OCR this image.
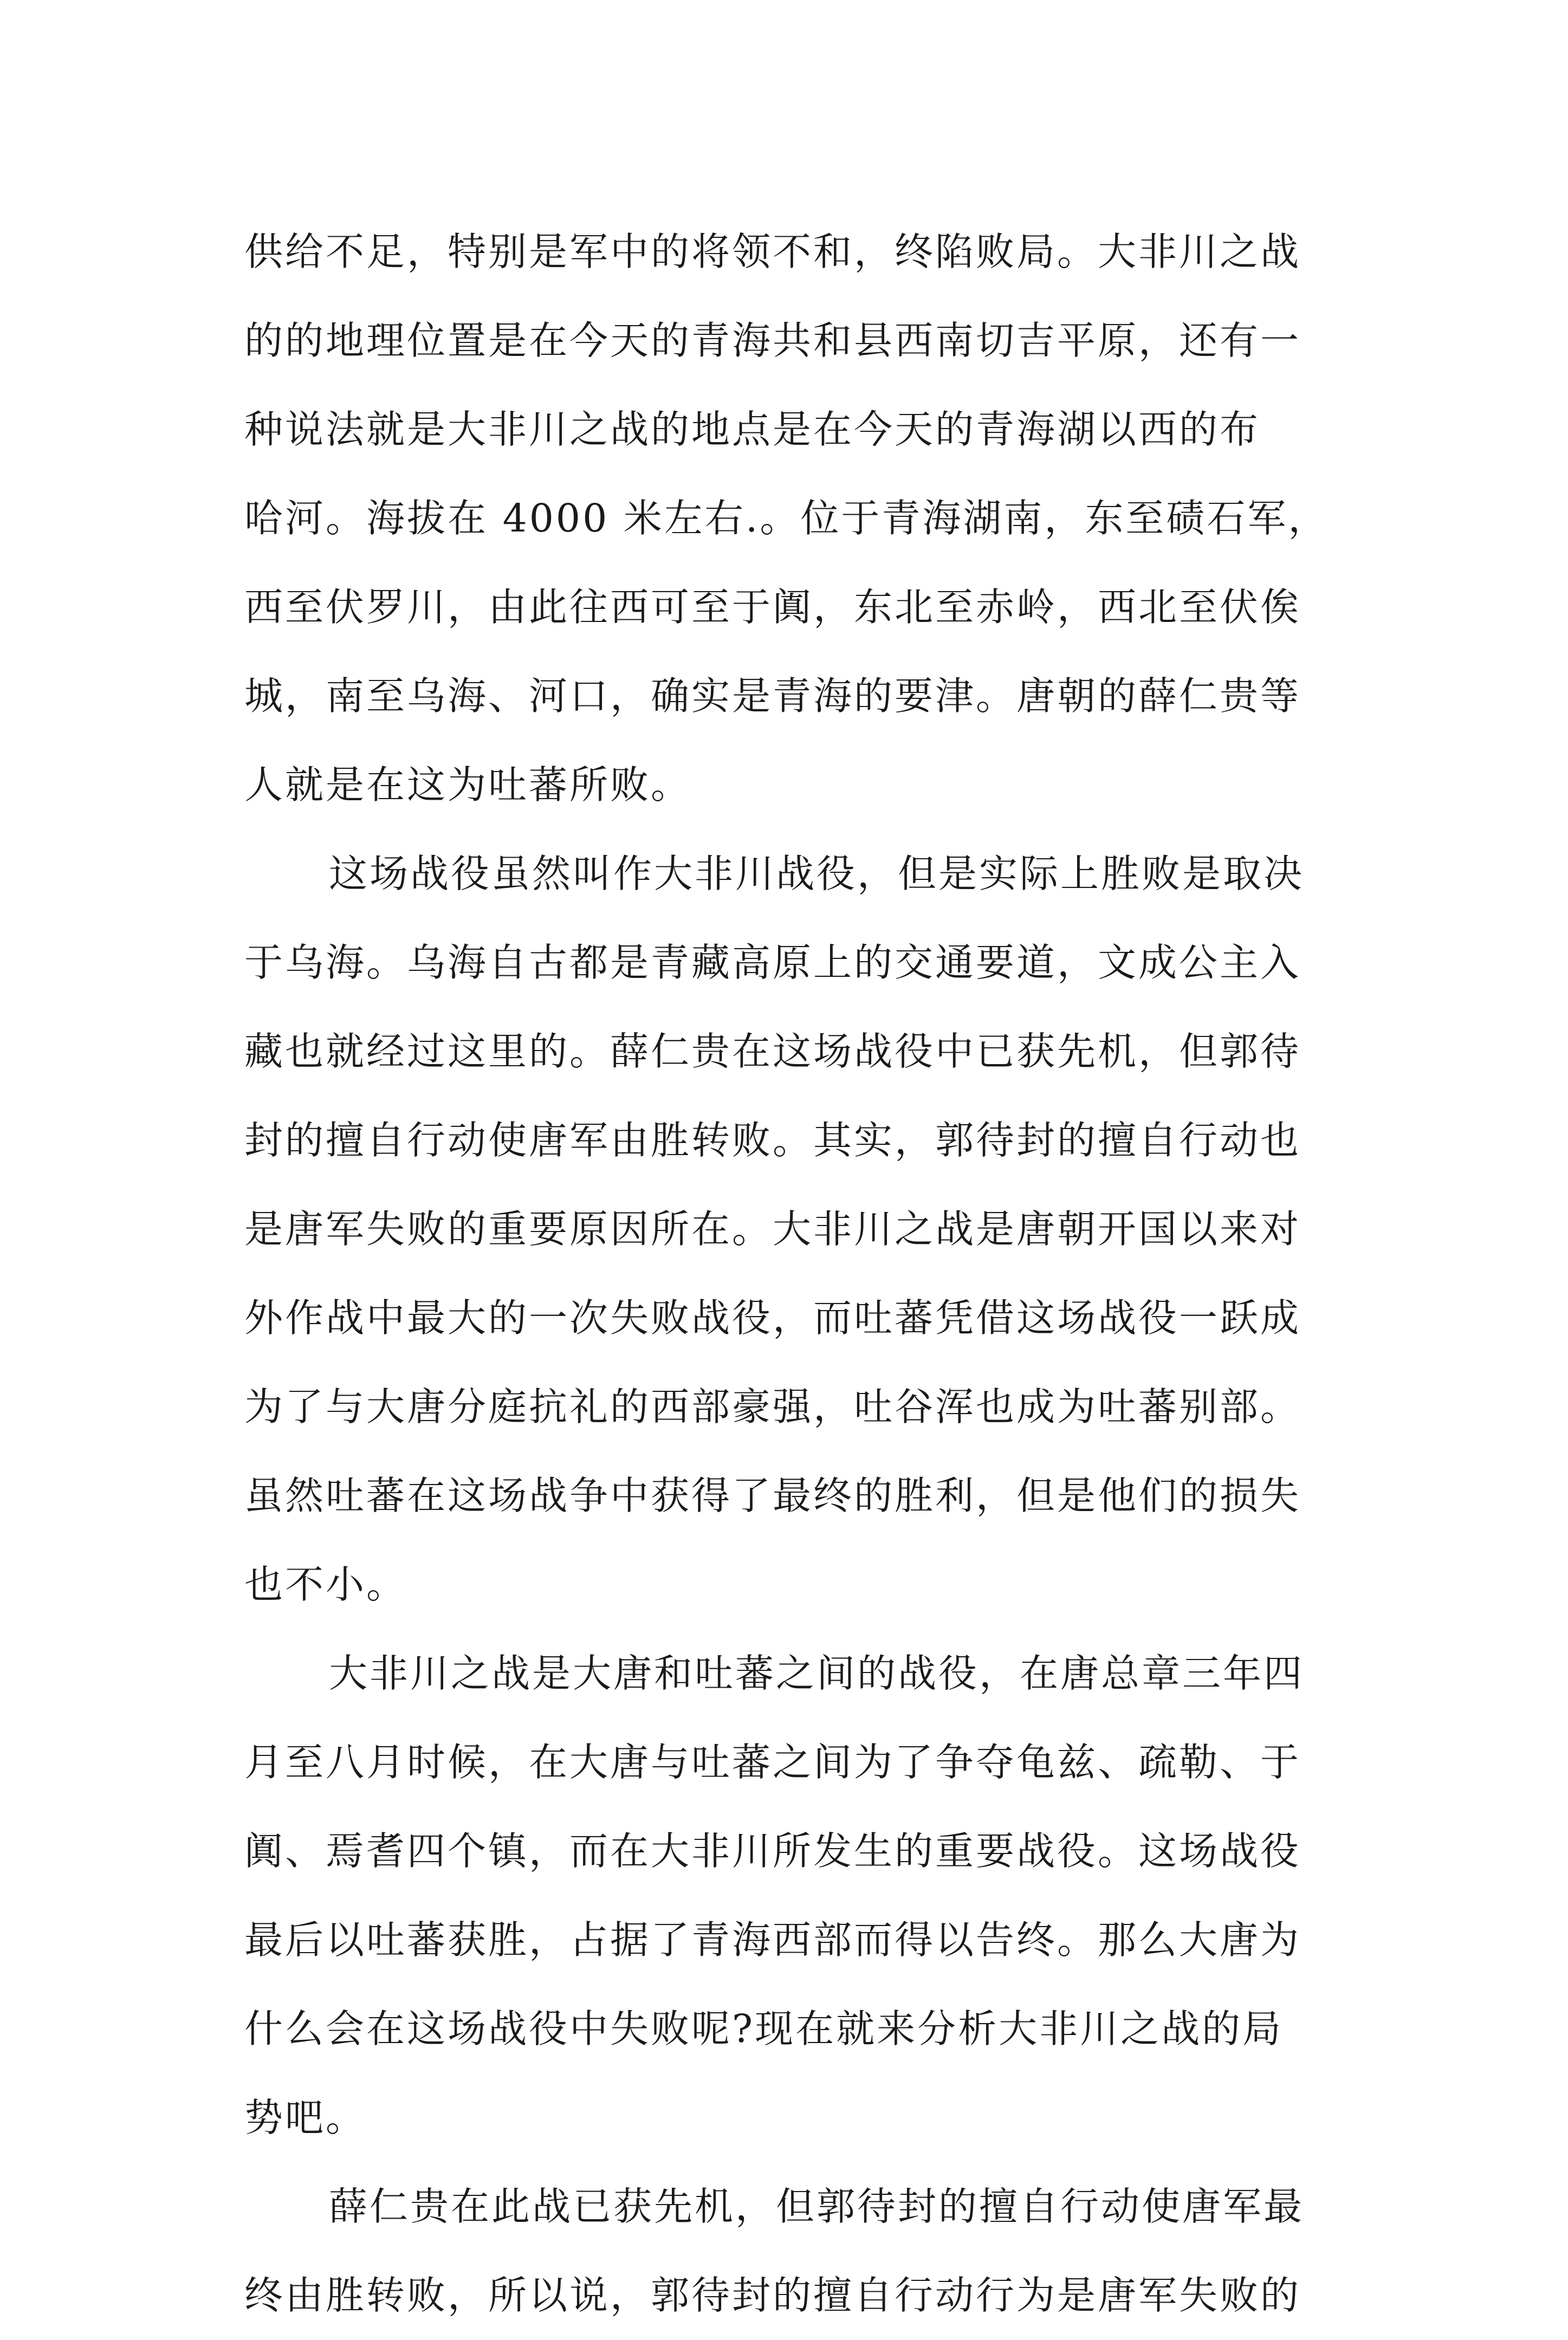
供给不足，特别是军中的将领不和，终陷败局。大非川之战
的的地理位置是在今天的青海共和县西南切吉平原，还有一
种说法就是大非川之战的地点是在今天的青海湖以西的布
哈河。海拔在 4000 米左右.。位于青海湖南，东至碛石军，
西至伏罗川，由此往西可至于阗，东北至赤岭，西北至伏俟
城，南至乌海、河口，确实是青海的要津。唐朝的薛仁贵等
人就是在这为吐蕃所败。
这场战役虽然叫作大非川战役，但是实际上胜败是取决
于乌海。乌海自古都是青藏高原上的交通要道，文成公主入
藏也就经过这里的。薛仁贵在这场战役中已获先机，但郭待
封的擅自行动使唐军由胜转败。其实，郭待封的擅自行动也
是唐军失败的重要原因所在。大非川之战是唐朝开国以来对
外作战中最大的一次失败战役，而吐蕃凭借这场战役一跃成
为了与大唐分庭抗礼的西部豪强，吐谷浑也成为吐蕃别部。
虽然吐蕃在这场战争中获得了最终的胜利，但是他们的损失
也不小。
大非川之战是大唐和吐蕃之间的战役，在唐总章三年四
月至八月时候，在大唐与吐蕃之间为了争夺龟兹、疏勒、于
阗、焉耆四个镇，而在大非川所发生的重要战役。这场战役
最后以吐蕃获胜，占据了青海西部而得以告终。那么大唐为
什么会在这场战役中失败呢?现在就来分析大非川之战的局
势吧。
薛仁贵在此战已获先机，但郭待封的擅自行动使唐军最
终由胜转败，所以说，郭待封的擅自行动行为是唐军失败的
